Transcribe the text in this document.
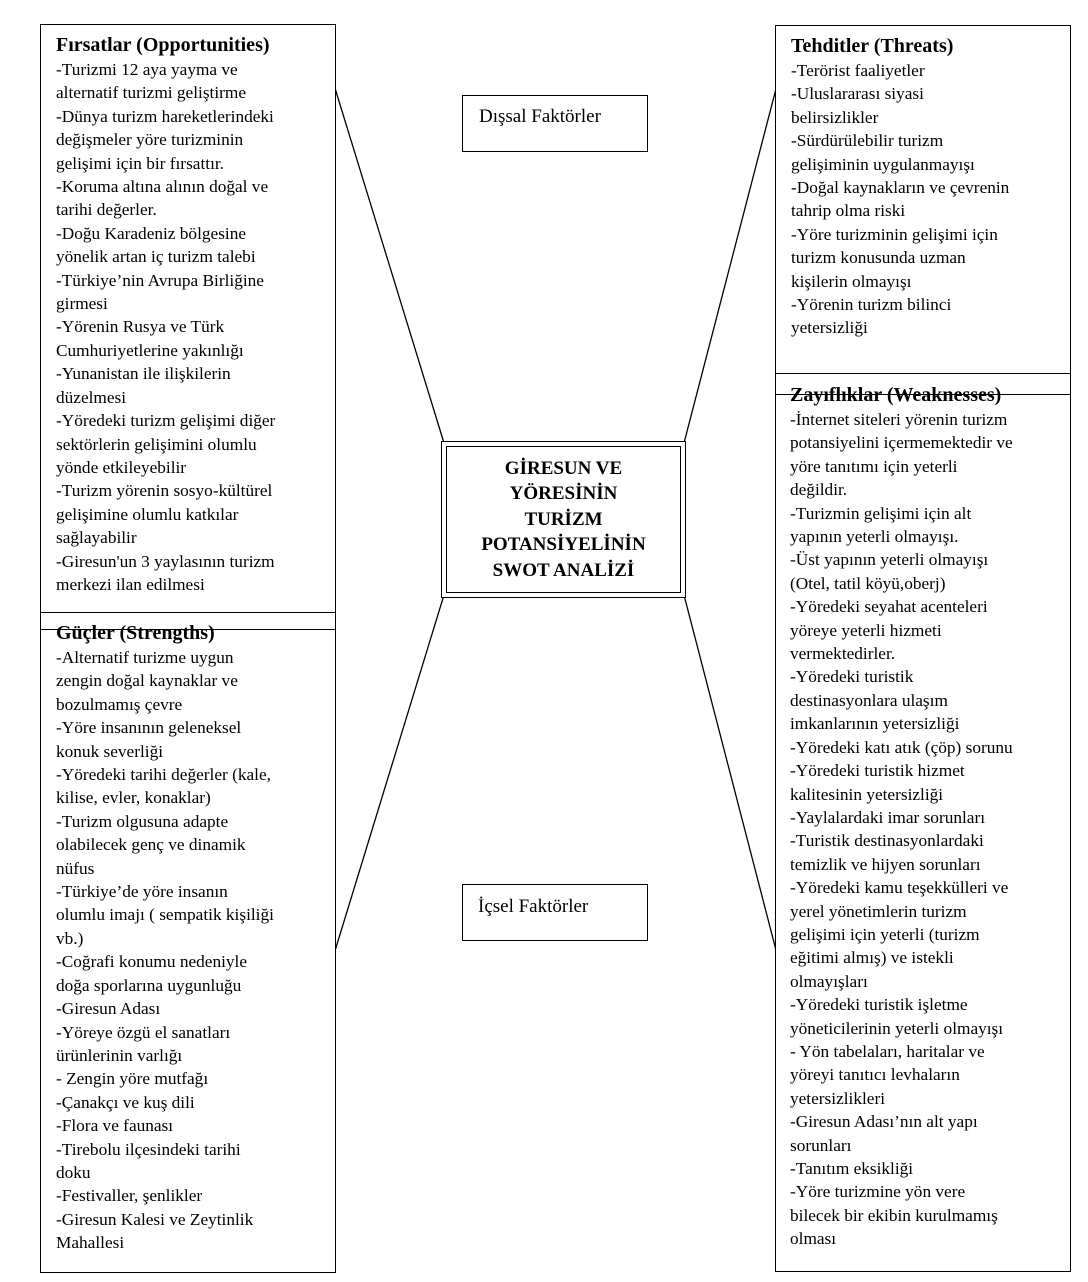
Fırsatlar (Opportunities)
-Turizmi 12 aya yayma ve
alternatif turizmi geliştirme
-Dünya turizm hareketlerindeki
değişmeler yöre turizminin
gelişimi için bir fırsattır.
-Koruma altına alının doğal ve
tarihi değerler.
-Doğu Karadeniz bölgesine
yönelik artan iç turizm talebi
-Türkiye’nin Avrupa Birliğine
girmesi
-Yörenin Rusya ve Türk
Cumhuriyetlerine yakınlığı
-Yunanistan ile ilişkilerin
düzelmesi
-Yöredeki turizm gelişimi diğer
sektörlerin gelişimini olumlu
yönde etkileyebilir
-Turizm yörenin sosyo-kültürel
gelişimine olumlu katkılar
sağlayabilir
-Giresun'un 3 yaylasının turizm
merkezi ilan edilmesi
Güçler (Strengths)
-Alternatif turizme uygun
zengin doğal kaynaklar ve
bozulmamış çevre
-Yöre insanının geleneksel
konuk severliği
-Yöredeki tarihi değerler (kale,
kilise, evler, konaklar)
-Turizm olgusuna adapte
olabilecek genç ve dinamik
nüfus
-Türkiye’de yöre insanın
olumlu imajı ( sempatik kişiliği
vb.)
-Coğrafi konumu nedeniyle
doğa sporlarına uygunluğu
-Giresun Adası
-Yöreye özgü el sanatları
ürünlerinin varlığı
- Zengin yöre mutfağı
-Çanakçı ve kuş dili
-Flora ve faunası
-Tirebolu ilçesindeki tarihi
doku
-Festivaller, şenlikler
-Giresun Kalesi ve Zeytinlik
Mahallesi
Tehditler (Threats)
-Terörist faaliyetler
-Uluslararası siyasi
belirsizlikler
-Sürdürülebilir turizm
gelişiminin uygulanmayışı
-Doğal kaynakların ve çevrenin
tahrip olma riski
-Yöre turizminin gelişimi için
turizm konusunda uzman
kişilerin olmayışı
-Yörenin turizm bilinci
yetersizliği
Zayıflıklar (Weaknesses)
-İnternet siteleri yörenin turizm
potansiyelini içermemektedir ve
yöre tanıtımı için yeterli
değildir.
-Turizmin gelişimi için alt
yapının yeterli olmayışı.
-Üst yapının yeterli olmayışı
(Otel, tatil köyü,oberj)
-Yöredeki seyahat acenteleri
yöreye yeterli hizmeti
vermektedirler.
-Yöredeki turistik
destinasyonlara ulaşım
imkanlarının yetersizliği
-Yöredeki katı atık (çöp) sorunu
-Yöredeki turistik hizmet
kalitesinin yetersizliği
-Yaylalardaki imar sorunları
-Turistik destinasyonlardaki
temizlik ve hijyen sorunları
-Yöredeki kamu teşekkülleri ve
yerel yönetimlerin turizm
gelişimi için yeterli (turizm
eğitimi almış) ve istekli
olmayışları
-Yöredeki turistik işletme
yöneticilerinin yeterli olmayışı
- Yön tabelaları, haritalar ve
yöreyi tanıtıcı levhaların
yetersizlikleri
-Giresun Adası’nın alt yapı
sorunları
-Tanıtım eksikliği
-Yöre turizmine yön vere
bilecek bir ekibin kurulmamış
olması
Dışsal Faktörler
İçsel Faktörler
GİRESUN VE
YÖRESİNİN
TURİZM
POTANSİYELİNİN
SWOT ANALİZİ
